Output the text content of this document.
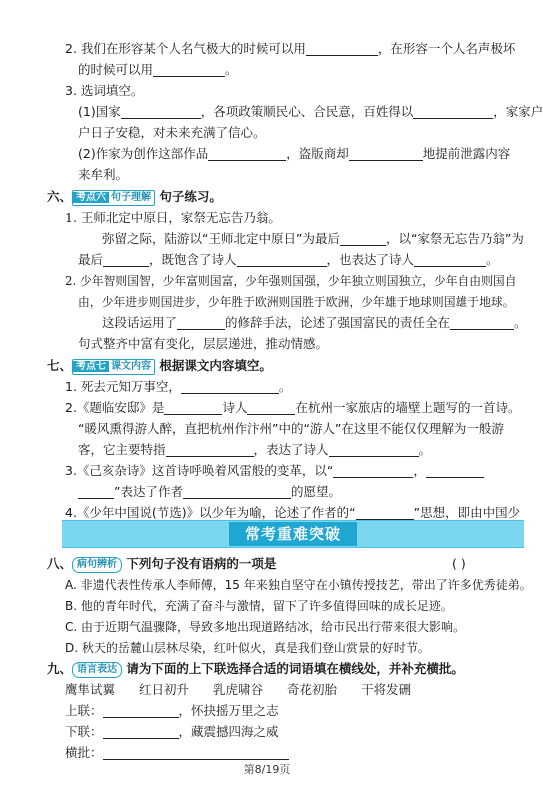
2. 我们在形容某个人名气极大的时候可以用	，在形容一个人名声极坏
的时候可以用	。
3. 选词填空。
(1)国家	，各项政策顺民心、合民意，百姓得以	，家家户
户日子安稳，对未来充满了信心。
(2)作家为创作这部作品	，盗版商却	地提前泄露内容
来牟利。
六、 考点六 句子理解 句子练习。
1. 王师北定中原日，家祭无忘告乃翁。
弥留之际，陆游以“王师北定中原日”为最后	，以“家祭无忘告乃翁”为
最后	，既饱含了诗人	，也表达了诗人	。
2. 少年智则国智，少年富则国富，少年强则国强，少年独立则国独立，少年自由则国自
由，少年进步则国进步，少年胜于欧洲则国胜于欧洲，少年雄于地球则国雄于地球。
这段话运用了	的修辞手法，论述了强国富民的责任全在	。
句式整齐中富有变化，层层递进，推动情感。
七、 考点七 课文内容 根据课文内容填空。
1. 死去元知万事空，	。
2.《题临安邸》是	诗人	在杭州一家旅店的墙壁上题写的一首诗。
“暖风熏得游人醉，直把杭州作汴州”中的“游人”在这里不能仅仅理解为一般游
客，它主要特指	，表达了诗人	。
3.《己亥杂诗》这首诗呼唤着风雷般的变革，以“	，
”表达了作者	的愿望。
4.《少年中国说(节选)》以少年为喻，论述了作者的“	”思想，即由中国少
常考重难突破
八、 病句辨析 下列句子没有语病的一项是	( )
A. 非遗代表性传承人李师傅，15 年来独自坚守在小镇传授技艺，带出了许多优秀徒弟。
B. 他的青年时代，充满了奋斗与激情，留下了许多值得回味的成长足迹。
C. 由于近期气温骤降，导致多地出现道路结冰，给市民出行带来很大影响。
D. 秋天的岳麓山层林尽染，红叶似火，真是我们登山赏景的好时节。
九、 语言表达 请为下面的上下联选择合适的词语填在横线处，并补充横批。
鹰隼试翼 红日初升 乳虎啸谷 奇花初胎 干将发硎
上联：	，怀抉摇万里之志
下联：	，藏震撼四海之威
横批：
第8/19页
